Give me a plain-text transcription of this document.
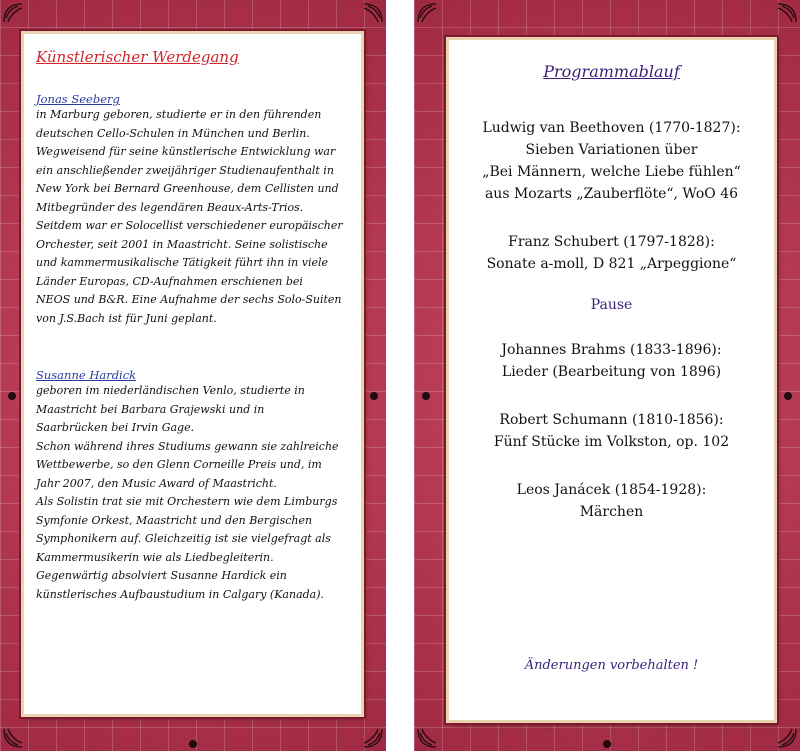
Künstlerischer Werdegang
Jonas Seeberg
in Marburg geboren, studierte er in den führenden
deutschen Cello-Schulen in München und Berlin.
Wegweisend für seine künstlerische Entwicklung war
ein anschließender zweijähriger Studienaufenthalt in
New York bei Bernard Greenhouse, dem Cellisten und
Mitbegründer des legendären Beaux-Arts-Trios.
Seitdem war er Solocellist verschiedener europäischer
Orchester, seit 2001 in Maastricht. Seine solistische
und kammermusikalische Tätigkeit führt ihn in viele
Länder Europas, CD-Aufnahmen erschienen bei
NEOS und B&R. Eine Aufnahme der sechs Solo-Suiten
von J.S.Bach ist für Juni geplant.
Susanne Hardick
geboren im niederländischen Venlo, studierte in
Maastricht bei Barbara Grajewski und in
Saarbrücken bei Irvin Gage.
Schon während ihres Studiums gewann sie zahlreiche
Wettbewerbe, so den Glenn Corneille Preis und, im
Jahr 2007, den Music Award of Maastricht.
Als Solistin trat sie mit Orchestern wie dem Limburgs
Symfonie Orkest, Maastricht und den Bergischen
Symphonikern auf. Gleichzeitig ist sie vielgefragt als
Kammermusikerin wie als Liedbegleiterin.
Gegenwärtig absolviert Susanne Hardick ein
künstlerisches Aufbaustudium in Calgary (Kanada).
Programmablauf
Ludwig van Beethoven (1770-1827):
Sieben Variationen über
„Bei Männern, welche Liebe fühlen“
aus Mozarts „Zauberflöte“, WoO 46
Franz Schubert (1797-1828):
Sonate a-moll, D 821 „Arpeggione“
Pause
Johannes Brahms (1833-1896):
Lieder (Bearbeitung von 1896)
Robert Schumann (1810-1856):
Fünf Stücke im Volkston, op. 102
Leos Janácek (1854-1928):
Märchen
Änderungen vorbehalten !
